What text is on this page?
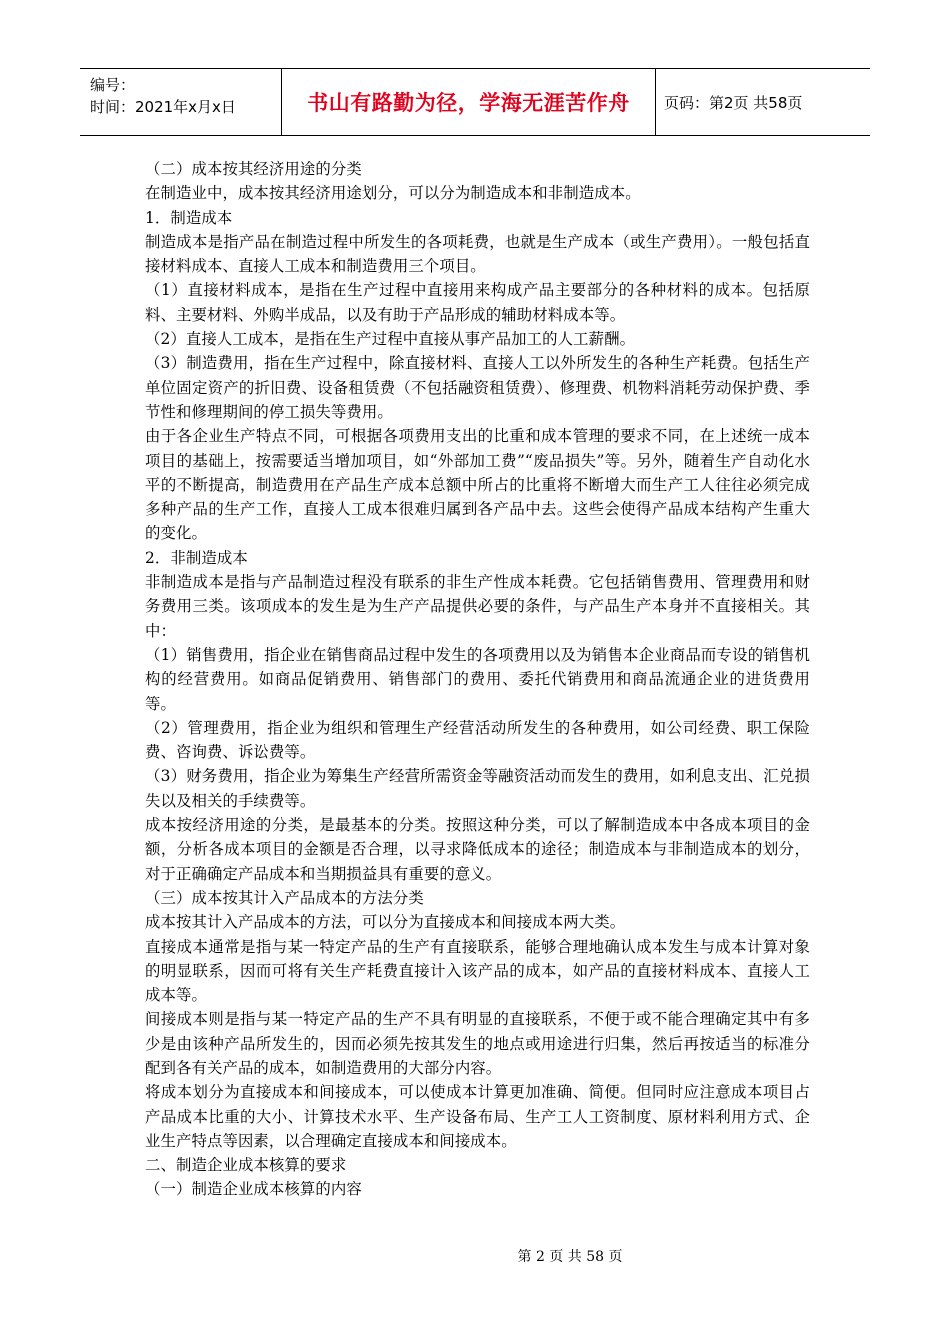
编号：
时间：2021年x月x日	书山有路勤为径，学海无涯苦作舟	页码：第2页 共58页

（二）成本按其经济用途的分类

在制造业中，成本按其经济用途划分，可以分为制造成本和非制造成本。

1．制造成本

制造成本是指产品在制造过程中所发生的各项耗费，也就是生产成本（或生产费用）。一般包括直接材料成本、直接人工成本和制造费用三个项目。

（1）直接材料成本，是指在生产过程中直接用来构成产品主要部分的各种材料的成本。包括原料、主要材料、外购半成品，以及有助于产品形成的辅助材料成本等。

（2）直接人工成本，是指在生产过程中直接从事产品加工的人工薪酬。

（3）制造费用，指在生产过程中，除直接材料、直接人工以外所发生的各种生产耗费。包括生产单位固定资产的折旧费、设备租赁费（不包括融资租赁费）、修理费、机物料消耗劳动保护费、季节性和修理期间的停工损失等费用。

由于各企业生产特点不同，可根据各项费用支出的比重和成本管理的要求不同，在上述统一成本项目的基础上，按需要适当增加项目，如“外部加工费”“废品损失”等。另外，随着生产自动化水平的不断提高，制造费用在产品生产成本总额中所占的比重将不断增大而生产工人往往必须完成多种产品的生产工作，直接人工成本很难归属到各产品中去。这些会使得产品成本结构产生重大的变化。

2．非制造成本

非制造成本是指与产品制造过程没有联系的非生产性成本耗费。它包括销售费用、管理费用和财务费用三类。该项成本的发生是为生产产品提供必要的条件，与产品生产本身并不直接相关。其中：

（1）销售费用，指企业在销售商品过程中发生的各项费用以及为销售本企业商品而专设的销售机构的经营费用。如商品促销费用、销售部门的费用、委托代销费用和商品流通企业的进货费用等。

（2）管理费用，指企业为组织和管理生产经营活动所发生的各种费用，如公司经费、职工保险费、咨询费、诉讼费等。

（3）财务费用，指企业为筹集生产经营所需资金等融资活动而发生的费用，如利息支出、汇兑损失以及相关的手续费等。

成本按经济用途的分类，是最基本的分类。按照这种分类，可以了解制造成本中各成本项目的金额，分析各成本项目的金额是否合理，以寻求降低成本的途径；制造成本与非制造成本的划分，对于正确确定产品成本和当期损益具有重要的意义。

（三）成本按其计入产品成本的方法分类

成本按其计入产品成本的方法，可以分为直接成本和间接成本两大类。

直接成本通常是指与某一特定产品的生产有直接联系，能够合理地确认成本发生与成本计算对象的明显联系，因而可将有关生产耗费直接计入该产品的成本，如产品的直接材料成本、直接人工成本等。

间接成本则是指与某一特定产品的生产不具有明显的直接联系，不便于或不能合理确定其中有多少是由该种产品所发生的，因而必须先按其发生的地点或用途进行归集，然后再按适当的标准分配到各有关产品的成本，如制造费用的大部分内容。

将成本划分为直接成本和间接成本，可以使成本计算更加准确、简便。但同时应注意成本项目占产品成本比重的大小、计算技术水平、生产设备布局、生产工人工资制度、原材料利用方式、企业生产特点等因素，以合理确定直接成本和间接成本。

二、制造企业成本核算的要求

（一）制造企业成本核算的内容

第 2 页 共 58 页
